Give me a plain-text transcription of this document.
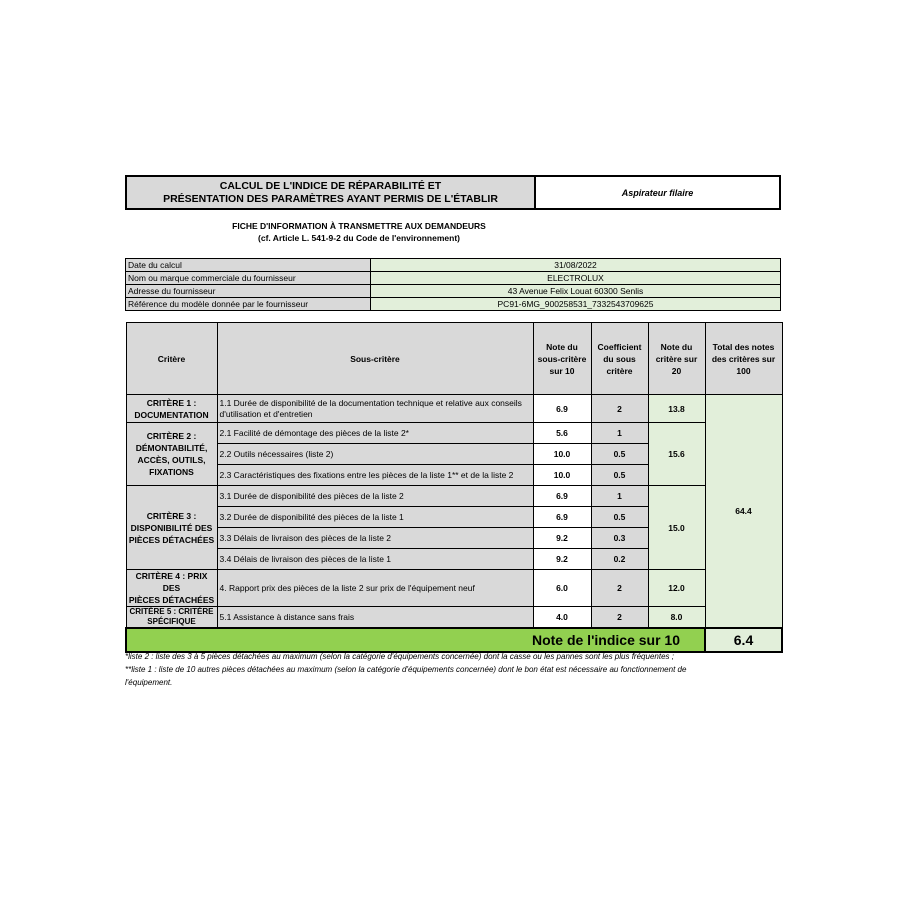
CALCUL DE L'INDICE DE RÉPARABILITÉ ET
PRÉSENTATION DES PARAMÈTRES AYANT PERMIS DE L'ÉTABLIR	Aspirateur filaire
FICHE D'INFORMATION À TRANSMETTRE AUX DEMANDEURS
(cf. Article L. 541-9-2 du Code de l'environnement)
Date du calcul	31/08/2022
Nom ou marque commerciale du fournisseur	ELECTROLUX
Adresse du fournisseur	43 Avenue Felix Louat 60300 Senlis
Référence du modèle donnée par le fournisseur	PC91-6MG_900258531_7332543709625
Critère	Sous-critère	Note du sous-critère sur 10	Coefficient du sous critère	Note du critère sur 20	Total des notes des critères sur 100

CRITÈRE 1 :
DOCUMENTATION	1.1 Durée de disponibilité de la documentation technique et relative aux conseils d'utilisation et d'entretien	6.9	2	13.8	64.4

CRITÈRE 2 :
DÉMONTABILITÉ, ACCÈS, OUTILS, FIXATIONS	2.1 Facilité de démontage des pièces de la liste 2*	5.6	1	15.6	
	2.2 Outils nécessaires (liste 2)	10.0	0.5		
	2.3 Caractéristiques des fixations entre les pièces de la liste 1** et de la liste 2	10.0	0.5		

CRITÈRE 3 :
DISPONIBILITÉ DES PIÈCES DÉTACHÉES	3.1 Durée de disponibilité des pièces de la liste 2	6.9	1	15.0	
	3.2 Durée de disponibilité des pièces de la liste 1	6.9	0.5		
	3.3 Délais de livraison des pièces de la liste 2	9.2	0.3		
	3.4 Délais de livraison des pièces de la liste 1	9.2	0.2		

CRITÈRE 4 : PRIX DES
PIÈCES DÉTACHÉES	4. Rapport prix des pièces de la liste 2 sur prix de l'équipement neuf	6.0	2	12.0	

CRITÈRE 5 : CRITÈRE
SPÉCIFIQUE	5.1 Assistance à distance sans frais	4.0	2	8.0	
Note de l'indice sur 10					6.4
*liste 2 : liste des 3 à 5 pièces détachées au maximum (selon la catégorie d'équipements concernée) dont la casse ou les pannes sont les plus fréquentes ;
**liste 1 : liste de 10 autres pièces détachées au maximum (selon la catégorie d'équipements concernée) dont le bon état est nécessaire au fonctionnement de
l'équipement.
